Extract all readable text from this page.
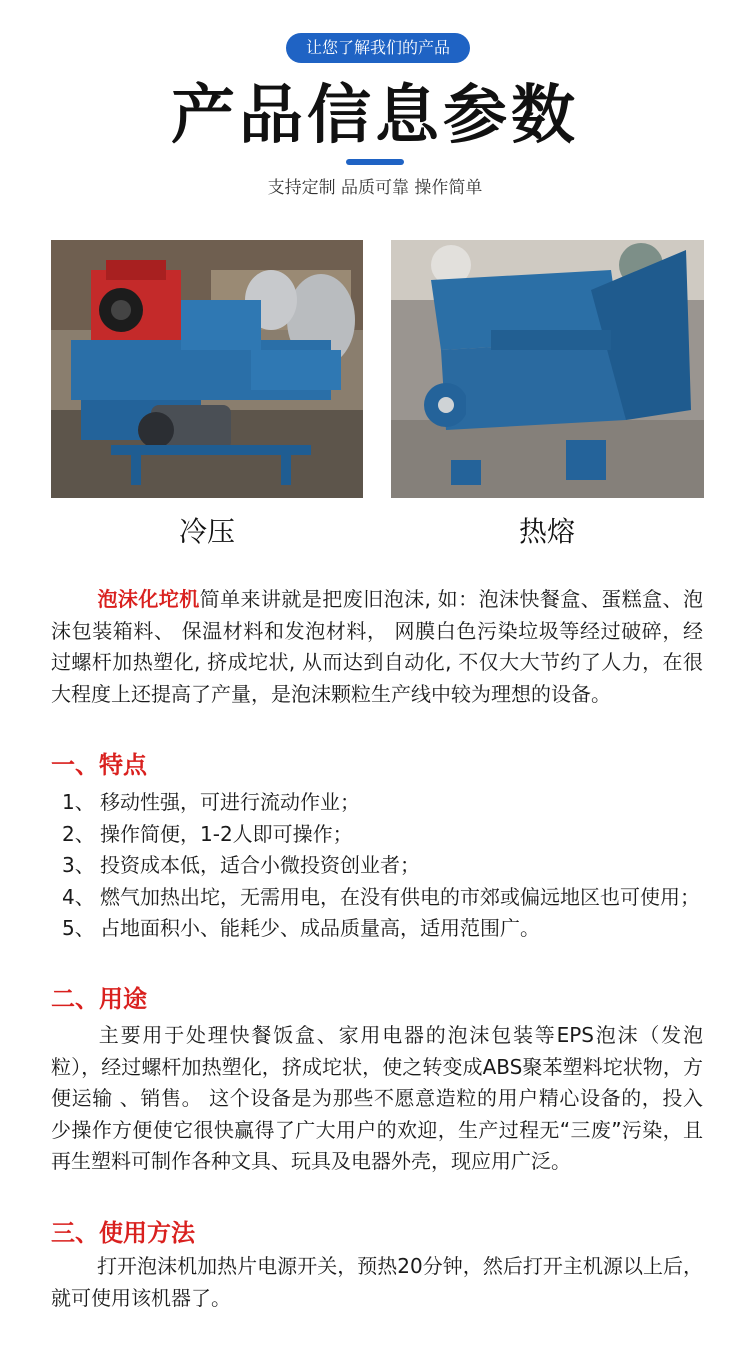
让您了解我们的产品
产品信息参数
支持定制 品质可靠 操作简单
冷压	热熔
泡沫化坨机简单来讲就是把废旧泡沫, 如：泡沫快餐盒、蛋糕盒、泡沫包装箱料、 保温材料和发泡材料， 网膜白色污染垃圾等经过破碎，经过螺杆加热塑化, 挤成坨状, 从而达到自动化, 不仅大大节约了人力，在很大程度上还提高了产量，是泡沫颗粒生产线中较为理想的设备。
一、特点
1、 移动性强，可进行流动作业；
2、 操作简便，1-2人即可操作；
3、 投资成本低，适合小微投资创业者；
4、 燃气加热出坨，无需用电，在没有供电的市郊或偏远地区也可使用；
5、 占地面积小、能耗少、成品质量高，适用范围广。
二、用途
主要用于处理快餐饭盒、家用电器的泡沫包装等EPS泡沫（发泡粒），经过螺杆加热塑化，挤成坨状，使之转变成ABS聚苯塑料坨状物，方便运输 、销售。 这个设备是为那些不愿意造粒的用户精心设备的，投入少操作方便使它很快赢得了广大用户的欢迎，生产过程无“三废”污染，且再生塑料可制作各种文具、玩具及电器外壳，现应用广泛。
三、使用方法
打开泡沫机加热片电源开关，预热20分钟，然后打开主机源以上后，就可使用该机器了。
